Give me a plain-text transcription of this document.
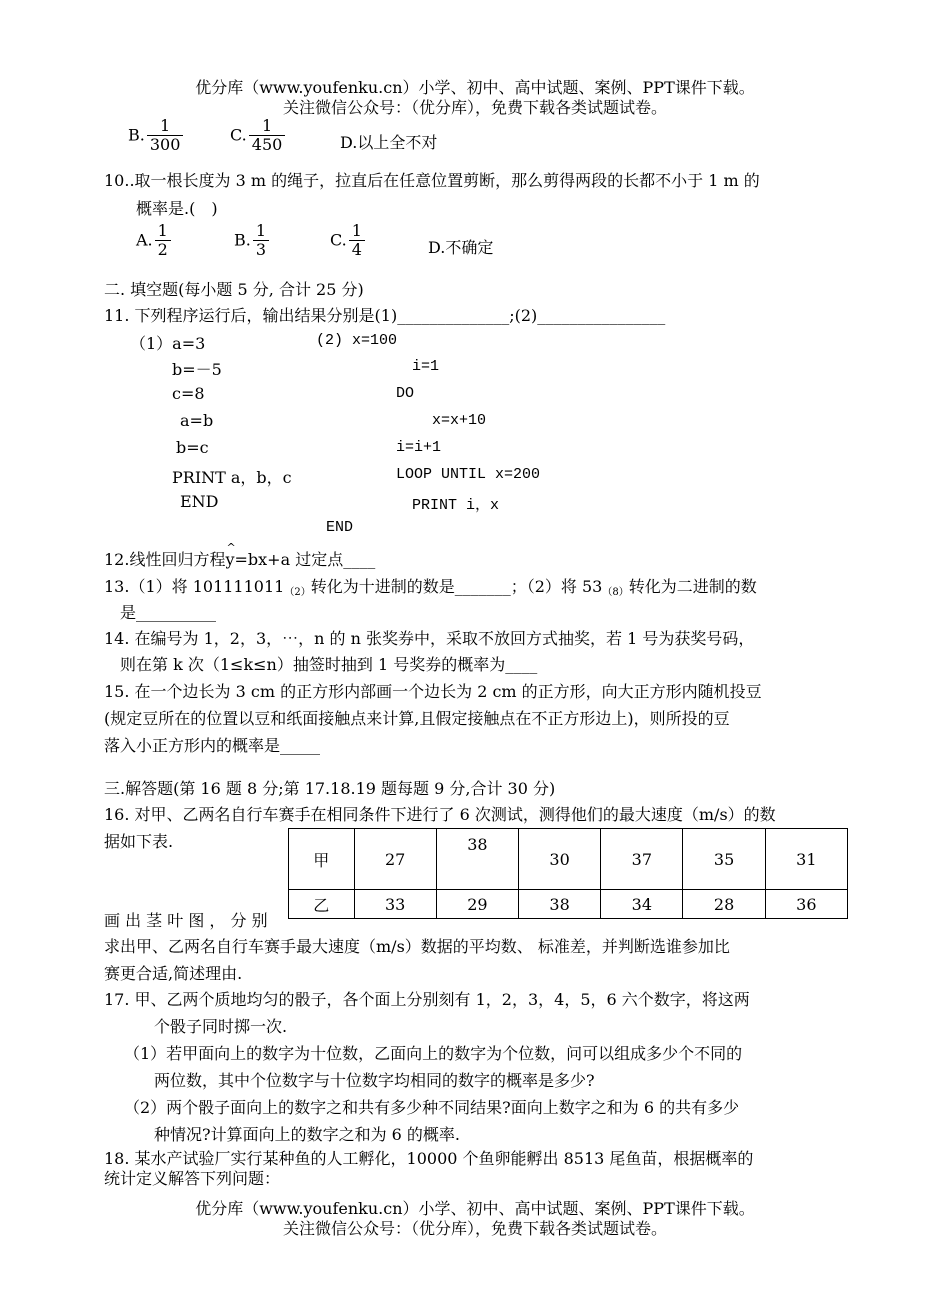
优分库（www.youfenku.cn）小学、初中、高中试题、案例、PPT课件下载。
关注微信公众号：（优分库），免费下载各类试题试卷。
B. $\frac{1}{300}$	C. $\frac{1}{450}$	D.以上全不对
10..取一根长度为 3 m 的绳子，拉直后在任意位置剪断，那么剪得两段的长都不小于 1 m 的
概率是.(　)
A. $\frac{1}{2}$	B. $\frac{1}{3}$	C. $\frac{1}{4}$	D.不确定
二. 填空题(每小题 5 分, 合计 25 分)
11. 下列程序运行后，输出结果分别是(1)______________;(2)________________
（1）a=3
b=－5
c=8
a=b
b=c
PRINT a，b，c
END
(2) x=100
i=1
DO
x=x+10
i=i+1
LOOP UNTIL x=200
PRINT i，x
END
12.线性回归方程^ y=bx+a 过定点____
13.（1）将 $101111011_{(2)}$转化为十进制的数是_______；（2）将 $53_{(8)}$转化为二进制的数
是__________
14. 在编号为 1，2，3，⋯，n 的 n 张奖券中，采取不放回方式抽奖，若 1 号为获奖号码，
则在第 k 次（1≤k≤n）抽签时抽到 1 号奖券的概率为____
15. 在一个边长为 3 cm 的正方形内部画一个边长为 2 cm 的正方形，向大正方形内随机投豆
(规定豆所在的位置以豆和纸面接触点来计算,且假定接触点在不正方形边上)，则所投的豆
落入小正方形内的概率是_____
三.解答题(第 16 题 8 分;第 17.18.19 题每题 9 分,合计 30 分)
16. 对甲、乙两名自行车赛手在相同条件下进行了 6 次测试，测得他们的最大速度（m/s）的数
据如下表.
甲	27	38	30	37	35	31
乙	33	29	38	34	28	36
画 出 茎 叶 图 ， 分 别
求出甲、乙两名自行车赛手最大速度（m/s）数据的平均数、 标准差，并判断选谁参加比
赛更合适,简述理由.
17. 甲、乙两个质地均匀的骰子，各个面上分别刻有 1，2，3，4，5，6 六个数字，将这两
个骰子同时掷一次.
（1）若甲面向上的数字为十位数，乙面向上的数字为个位数，问可以组成多少个不同的
两位数，其中个位数字与十位数字均相同的数字的概率是多少?
（2）两个骰子面向上的数字之和共有多少种不同结果?面向上数字之和为 6 的共有多少
种情况?计算面向上的数字之和为 6 的概率.
18. 某水产试验厂实行某种鱼的人工孵化，10000 个鱼卵能孵出 8513 尾鱼苗，根据概率的
统计定义解答下列问题：
优分库（www.youfenku.cn）小学、初中、高中试题、案例、PPT课件下载。
关注微信公众号：（优分库），免费下载各类试题试卷。
